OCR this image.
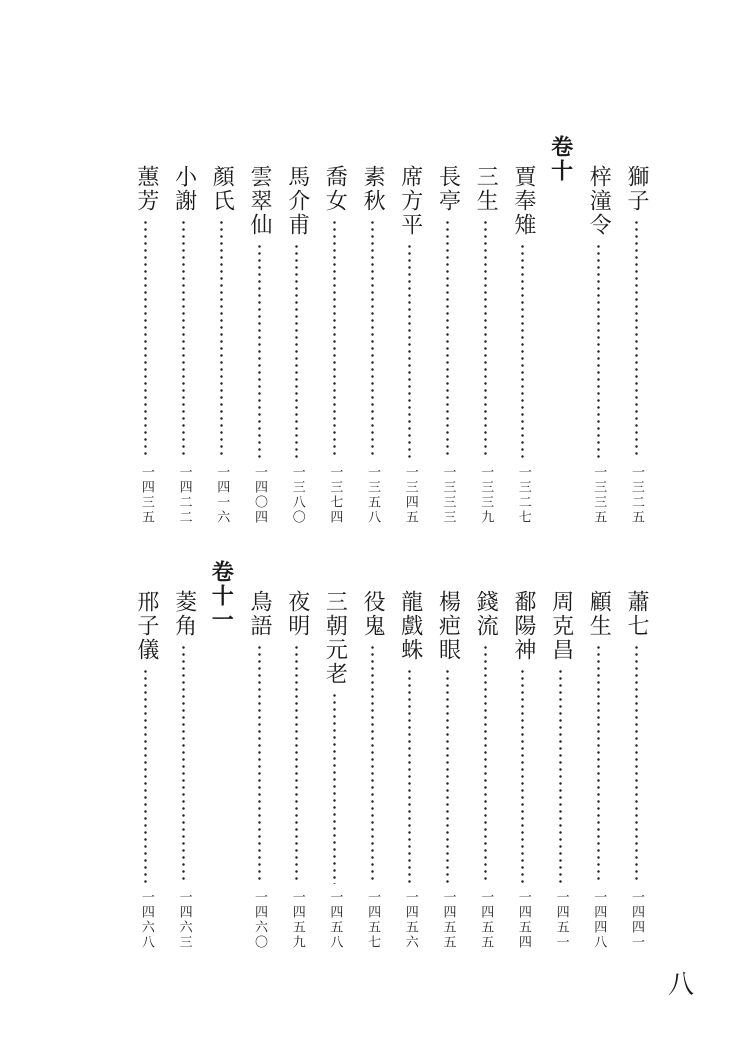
獅子
一三二五
梓潼令
一三三五
卷十
賈奉雉
一三二七
三生
一三三九
長亭
一三三三
席方平
一三四五
素秋
一三五八
喬女
一三七四
馬介甫
一三八〇
雲翠仙
一四〇四
顏氏
一四一六
小謝
一四二二
蕙芳
一四三五
蕭七
一四四一
顧生
一四四八
周克昌
一四五一
鄱陽神
一四五四
錢流
一四五五
楊疤眼
一四五五
龍戲蛛
一四五六
役鬼
一四五七
三朝元老
一四五八
夜明
一四五九
鳥語
一四六〇
卷十一
菱角
一四六三
邢子儀
一四六八
八
